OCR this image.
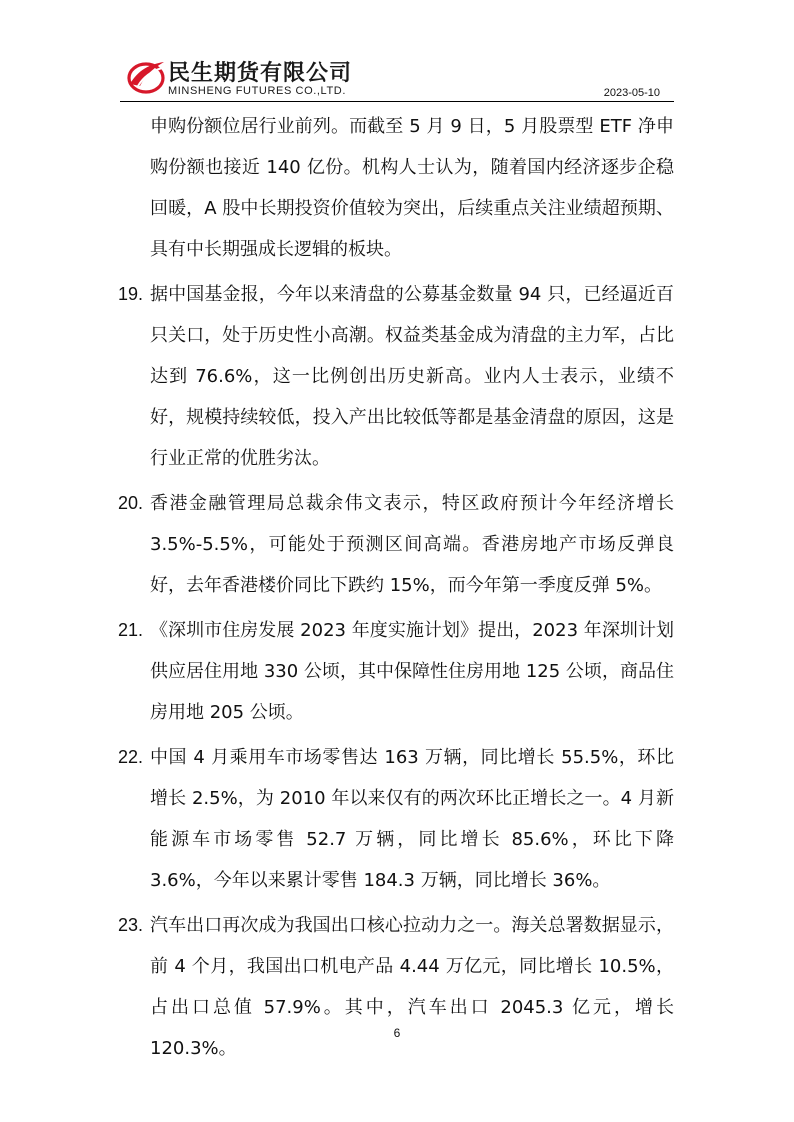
民生期货有限公司
MINSHENG FUTURES CO.,LTD.	2023-05-10

申购份额位居行业前列。而截至 5 月 9 日，5 月股票型 ETF 净申购份额也接近 140 亿份。机构人士认为，随着国内经济逐步企稳回暖，A 股中长期投资价值较为突出，后续重点关注业绩超预期、具有中长期强成长逻辑的板块。

19. 据中国基金报，今年以来清盘的公募基金数量 94 只，已经逼近百只关口，处于历史性小高潮。权益类基金成为清盘的主力军，占比达到 76.6%，这一比例创出历史新高。业内人士表示，业绩不好，规模持续较低，投入产出比较低等都是基金清盘的原因，这是行业正常的优胜劣汰。
20. 香港金融管理局总裁余伟文表示，特区政府预计今年经济增长 3.5%-5.5%，可能处于预测区间高端。香港房地产市场反弹良好，去年香港楼价同比下跌约 15%，而今年第一季度反弹 5%。
21. 《深圳市住房发展 2023 年度实施计划》提出，2023 年深圳计划供应居住用地 330 公顷，其中保障性住房用地 125 公顷，商品住房用地 205 公顷。
22. 中国 4 月乘用车市场零售达 163 万辆，同比增长 55.5%，环比增长 2.5%，为 2010 年以来仅有的两次环比正增长之一。4 月新能源车市场零售 52.7 万辆，同比增长 85.6%，环比下降 3.6%，今年以来累计零售 184.3 万辆，同比增长 36%。
23. 汽车出口再次成为我国出口核心拉动力之一。海关总署数据显示，前 4 个月，我国出口机电产品 4.44 万亿元，同比增长 10.5%，占出口总值 57.9%。其中，汽车出口 2045.3 亿元，增长 120.3%。
6
